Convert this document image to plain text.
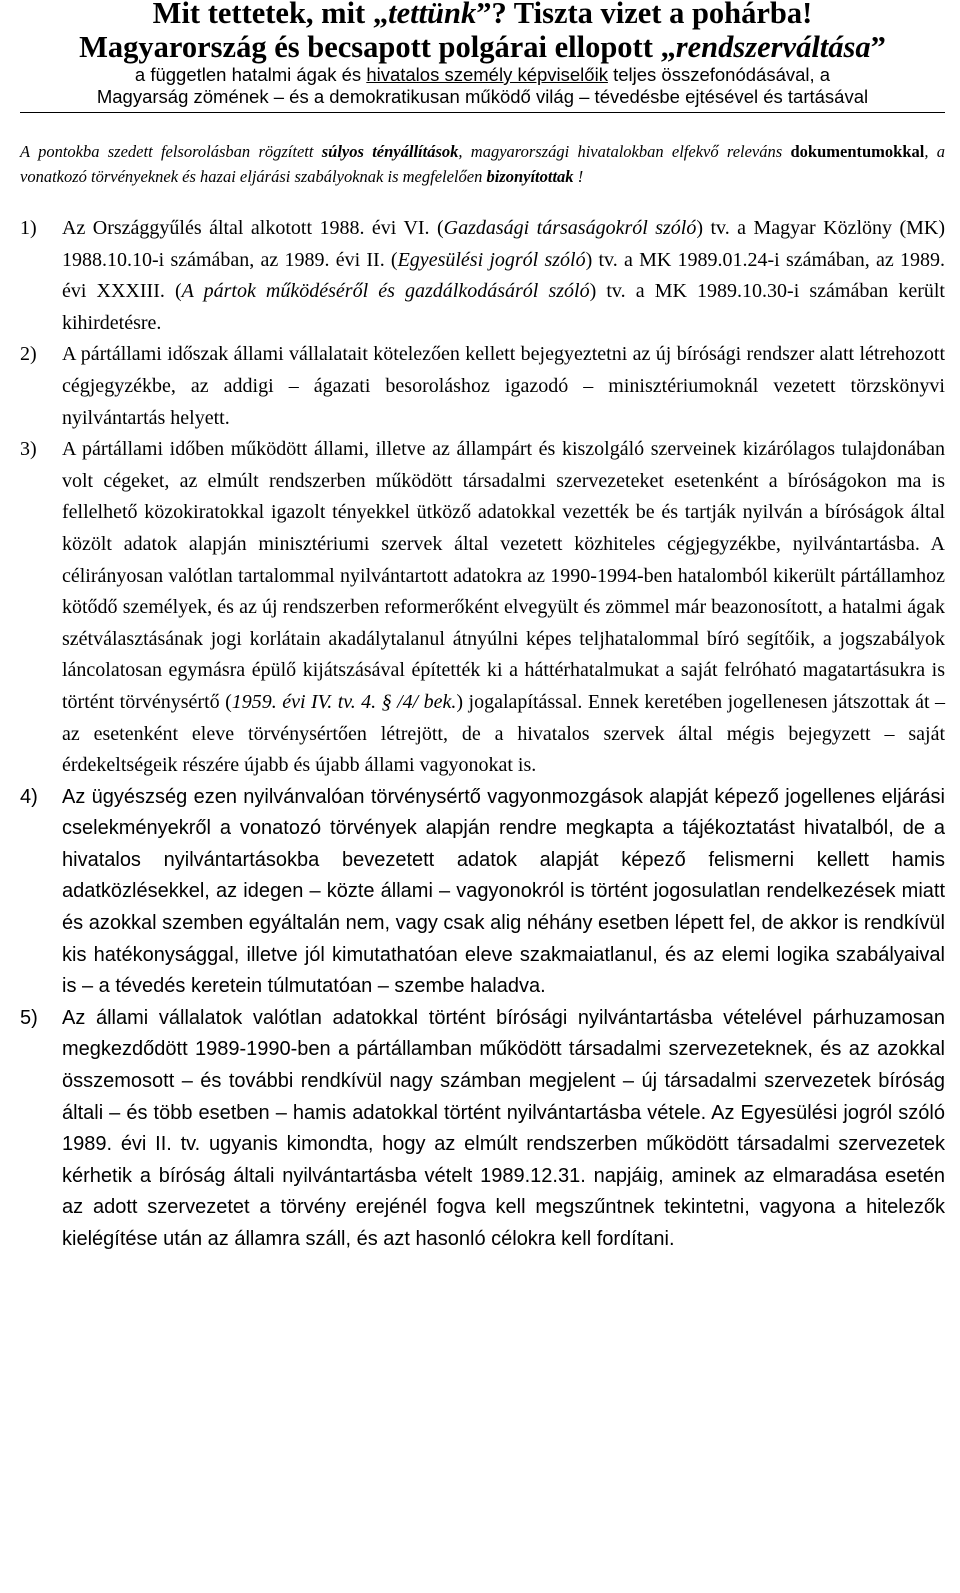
Mit tettetek, mit „tettünk”? Tiszta vizet a pohárba!
Magyarország és becsapott polgárai ellopott „rendszerváltása”
a független hatalmi ágak és hivatalos személy képviselőik teljes összefonódásával, a
Magyarság zömének – és a demokratikusan működő világ – tévedésbe ejtésével és tartásával
A pontokba szedett felsorolásban rögzített súlyos tényállítások, magyarországi hivatalokban elfekvő releváns dokumentumokkal, a vonatkozó törvényeknek és hazai eljárási szabályoknak is megfelelően bizonyítottak !
1) Az Országgyűlés által alkotott 1988. évi VI. (Gazdasági társaságokról szóló) tv. a Magyar Közlöny (MK) 1988.10.10-i számában, az 1989. évi II. (Egyesülési jogról szóló) tv. a MK 1989.01.24-i számában, az 1989. évi XXXIII. (A pártok működéséről és gazdálkodásáról szóló) tv. a MK 1989.10.30-i számában került kihirdetésre.
2) A pártállami időszak állami vállalatait kötelezően kellett bejegyeztetni az új bírósági rendszer alatt létrehozott cégjegyzékbe, az addigi – ágazati besoroláshoz igazodó – minisztériumoknál vezetett törzskönyvi nyilvántartás helyett.
3) A pártállami időben működött állami, illetve az állampárt és kiszolgáló szerveinek kizárólagos tulajdonában volt cégeket, az elmúlt rendszerben működött társadalmi szervezeteket esetenként a bíróságokon ma is fellelhető közokiratokkal igazolt tényekkel ütköző adatokkal vezették be és tartják nyilván a bíróságok által közölt adatok alapján minisztériumi szervek által vezetett közhiteles cégjegyzékbe, nyilvántartásba. A célirányosan valótlan tartalommal nyilvántartott adatokra az 1990-1994-ben hatalomból kikerült pártállamhoz kötődő személyek, és az új rendszerben reformerőként elvegyült és zömmel már beazonosított, a hatalmi ágak szétválasztásának jogi korlátain akadálytalanul átnyúlni képes teljhatalommal bíró segítőik, a jogszabályok láncolatosan egymásra épülő kijátszásával építették ki a háttérhatalmukat a saját felróható magatartásukra is történt törvénysértő (1959. évi IV. tv. 4. § /4/ bek.) jogalapítással. Ennek keretében jogellenesen játszottak át – az esetenként eleve törvénysértően létrejött, de a hivatalos szervek által mégis bejegyzett – saját érdekeltségeik részére újabb és újabb állami vagyonokat is.
4) Az ügyészség ezen nyilvánvalóan törvénysértő vagyonmozgások alapját képező jogellenes eljárási cselekményekről a vonatozó törvények alapján rendre megkapta a tájékoztatást hivatalból, de a hivatalos nyilvántartásokba bevezetett adatok alapját képező felismerni kellett hamis adatközlésekkel, az idegen – közte állami – vagyonokról is történt jogosulatlan rendelkezések miatt és azokkal szemben egyáltalán nem, vagy csak alig néhány esetben lépett fel, de akkor is rendkívül kis hatékonysággal, illetve jól kimutathatóan eleve szakmaiatlanul, és az elemi logika szabályaival is – a tévedés keretein túlmutatóan – szembe haladva.
5) Az állami vállalatok valótlan adatokkal történt bírósági nyilvántartásba vételével párhuzamosan megkezdődött 1989-1990-ben a pártállamban működött társadalmi szervezeteknek, és az azokkal összemosott – és további rendkívül nagy számban megjelent – új társadalmi szervezetek bíróság általi – és több esetben – hamis adatokkal történt nyilvántartásba vétele. Az Egyesülési jogról szóló 1989. évi II. tv. ugyanis kimondta, hogy az elmúlt rendszerben működött társadalmi szervezetek kérhetik a bíróság általi nyilvántartásba vételt 1989.12.31. napjáig, aminek az elmaradása esetén az adott szervezetet a törvény erejénél fogva kell megszűntnek tekintetni, vagyona a hitelezők kielégítése után az államra száll, és azt hasonló célokra kell fordítani.
